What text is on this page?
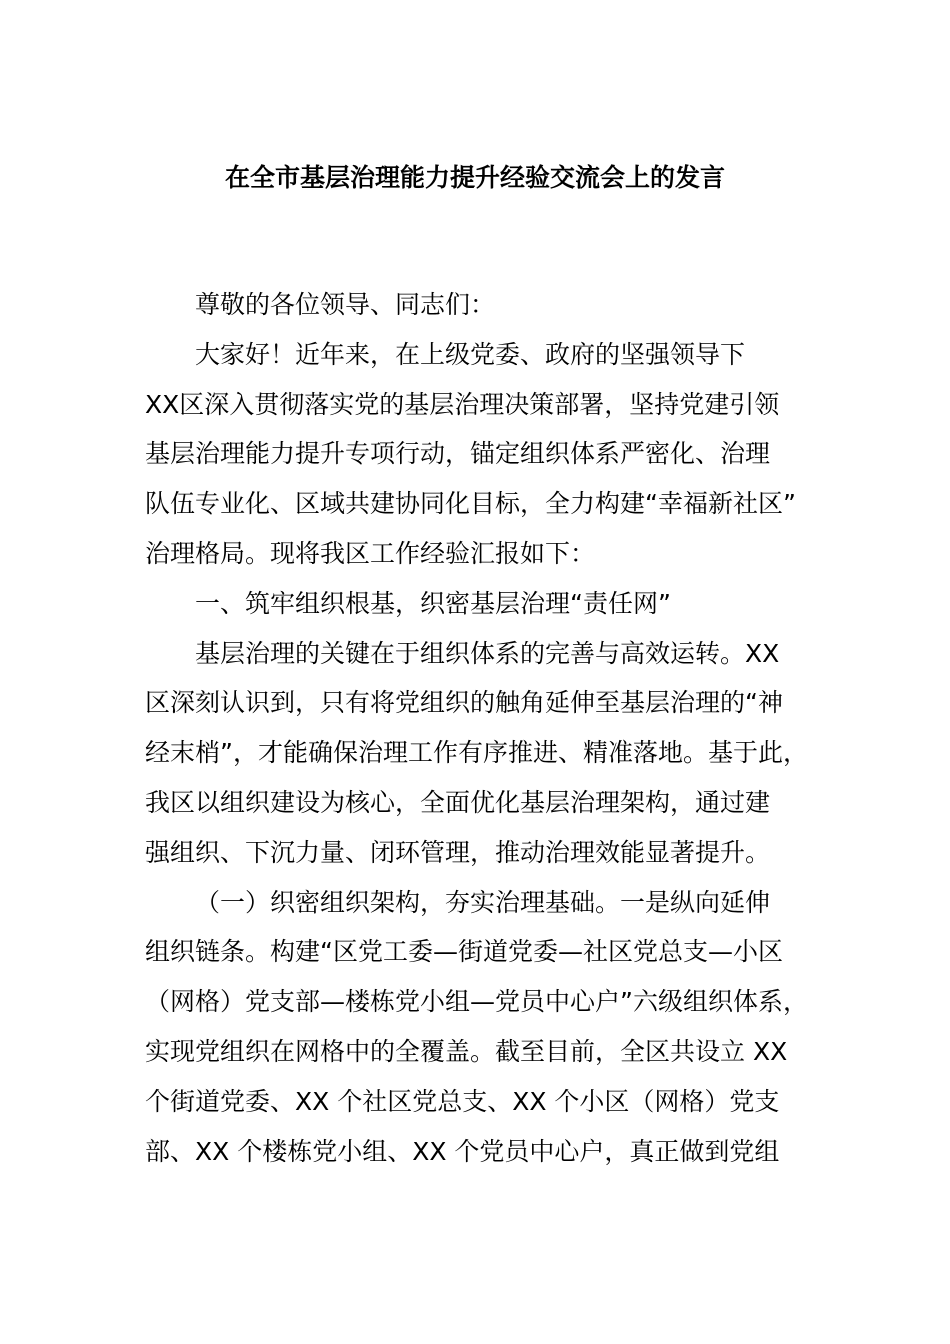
在全市基层治理能力提升经验交流会上的发言
尊敬的各位领导、同志们：
大家好！近年来，在上级党委、政府的坚强领导下
XX区深入贯彻落实党的基层治理决策部署，坚持党建引领
基层治理能力提升专项行动，锚定组织体系严密化、治理
队伍专业化、区域共建协同化目标，全力构建“幸福新社区”
治理格局。现将我区工作经验汇报如下：
一、筑牢组织根基，织密基层治理“责任网”
基层治理的关键在于组织体系的完善与高效运转。XX
区深刻认识到，只有将党组织的触角延伸至基层治理的“神
经末梢”，才能确保治理工作有序推进、精准落地。基于此，
我区以组织建设为核心，全面优化基层治理架构，通过建
强组织、下沉力量、闭环管理，推动治理效能显著提升。
（一）织密组织架构，夯实治理基础。一是纵向延伸
组织链条。构建“区党工委—街道党委—社区党总支—小区
（网格）党支部—楼栋党小组—党员中心户”六级组织体系，
实现党组织在网格中的全覆盖。截至目前，全区共设立 XX
个街道党委、XX 个社区党总支、XX 个小区（网格）党支
部、XX 个楼栋党小组、XX 个党员中心户，真正做到党组
